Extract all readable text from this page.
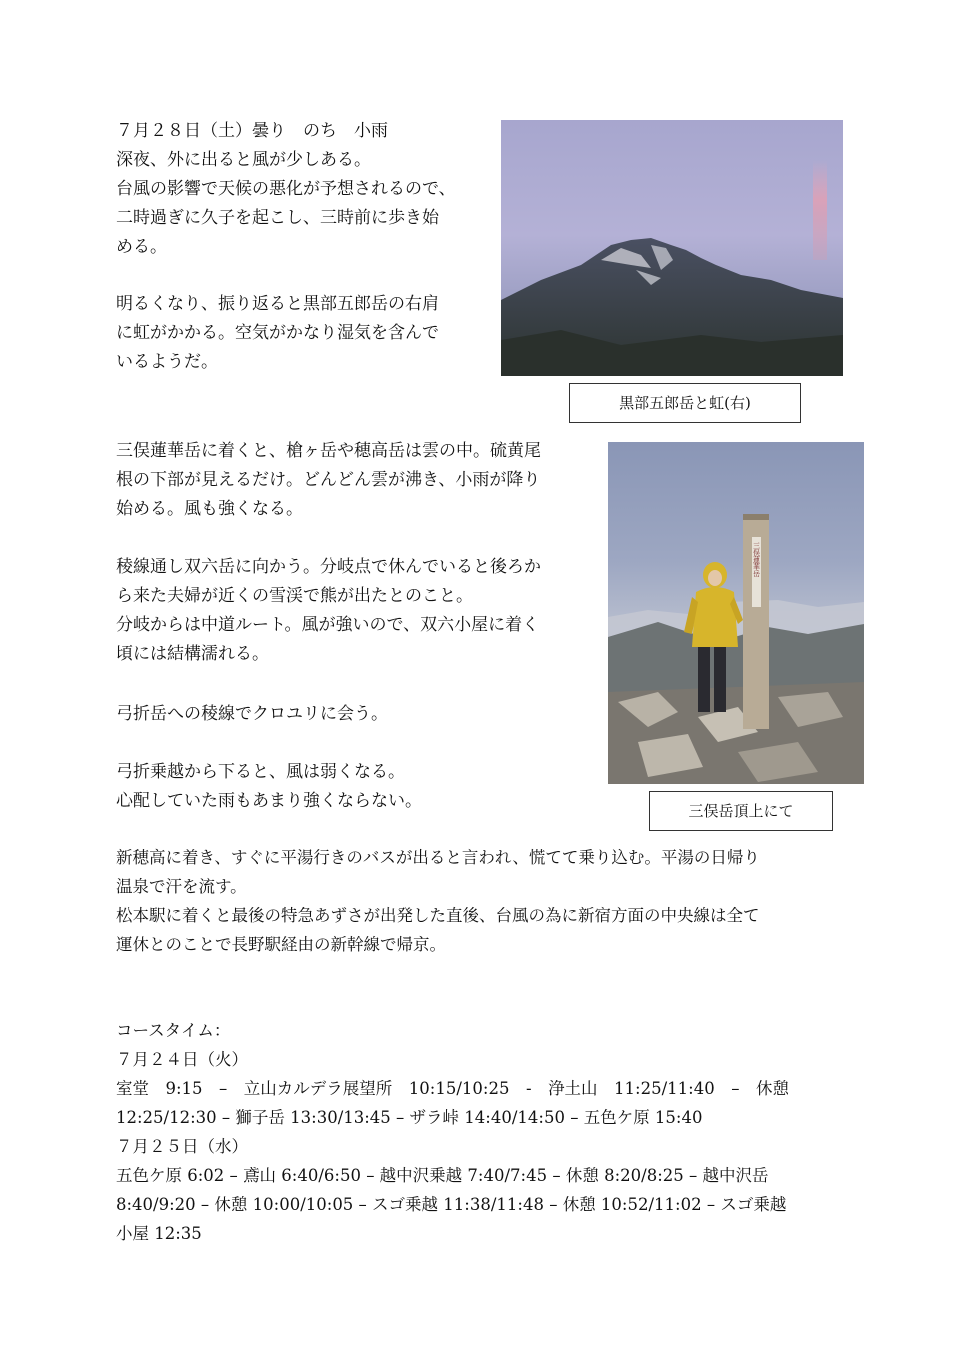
７月２８日（土）曇り　のち　小雨
深夜、外に出ると風が少しある。
台風の影響で天候の悪化が予想されるので、
二時過ぎに久子を起こし、三時前に歩き始
める。
明るくなり、振り返ると黒部五郎岳の右肩
に虹がかかる。空気がかなり湿気を含んで
いるようだ。
黒部五郎岳と虹(右)
三俣蓮華岳に着くと、槍ヶ岳や穂高岳は雲の中。硫黄尾
根の下部が見えるだけ。どんどん雲が沸き、小雨が降り
始める。風も強くなる。
稜線通し双六岳に向かう。分岐点で休んでいると後ろか
ら来た夫婦が近くの雪渓で熊が出たとのこと。
分岐からは中道ルート。風が強いので、双六小屋に着く
頃には結構濡れる。
弓折岳への稜線でクロユリに会う。
弓折乗越から下ると、風は弱くなる。
心配していた雨もあまり強くならない。
三俣蓮華岳
三俣岳頂上にて
新穂高に着き、すぐに平湯行きのバスが出ると言われ、慌てて乗り込む。平湯の日帰り
温泉で汗を流す。
松本駅に着くと最後の特急あずさが出発した直後、台風の為に新宿方面の中央線は全て
運休とのことで長野駅経由の新幹線で帰京。
コースタイム：
７月２４日（火）
室堂　9:15　–　立山カルデラ展望所　10:15/10:25　-　浄土山　11:25/11:40　–　休憩
12:25/12:30 – 獅子岳 13:30/13:45 – ザラ峠 14:40/14:50 – 五色ケ原 15:40
７月２５日（水）
五色ケ原 6:02 – 鳶山 6:40/6:50 – 越中沢乗越 7:40/7:45 – 休憩 8:20/8:25 – 越中沢岳
8:40/9:20 – 休憩 10:00/10:05 – スゴ乗越 11:38/11:48 – 休憩 10:52/11:02 – スゴ乗越
小屋 12:35
